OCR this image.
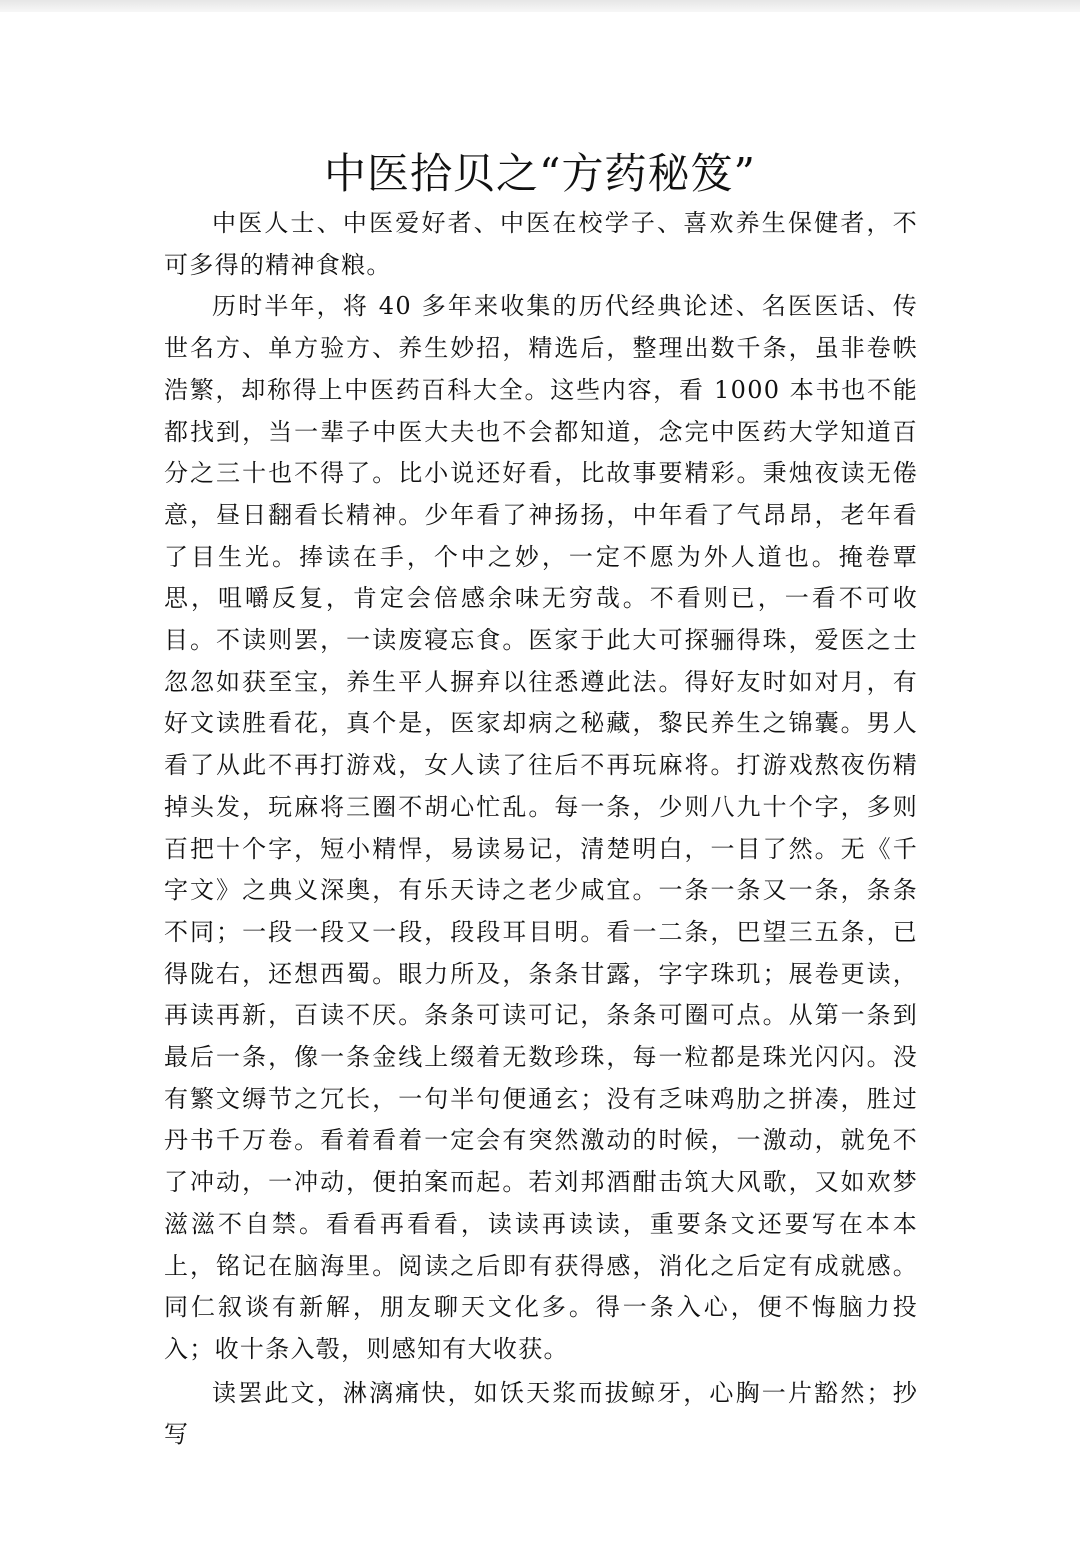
中医拾贝之“方药秘笈”

中医人士、中医爱好者、中医在校学子、喜欢养生保健者，不可多得的精神食粮。

历时半年，将 40 多年来收集的历代经典论述、名医医话、传世名方、单方验方、养生妙招，精选后，整理出数千条，虽非卷帙浩繁，却称得上中医药百科大全。这些内容，看 1000 本书也不能都找到，当一辈子中医大夫也不会都知道，念完中医药大学知道百分之三十也不得了。比小说还好看，比故事要精彩。秉烛夜读无倦意，昼日翻看长精神。少年看了神扬扬，中年看了气昂昂，老年看了目生光。捧读在手，个中之妙，一定不愿为外人道也。掩卷覃思，咀嚼反复，肯定会倍感余味无穷哉。不看则已，一看不可收目。不读则罢，一读废寝忘食。医家于此大可探骊得珠，爱医之士忽忽如获至宝，养生平人摒弃以往悉遵此法。得好友时如对月，有好文读胜看花，真个是，医家却病之秘藏，黎民养生之锦囊。男人看了从此不再打游戏，女人读了往后不再玩麻将。打游戏熬夜伤精掉头发，玩麻将三圈不胡心忙乱。每一条，少则八九十个字，多则百把十个字，短小精悍，易读易记，清楚明白，一目了然。无《千字文》之典义深奥，有乐天诗之老少咸宜。一条一条又一条，条条不同；一段一段又一段，段段耳目明。看一二条，巴望三五条，已得陇右，还想西蜀。眼力所及，条条甘露，字字珠玑；展卷更读，再读再新，百读不厌。条条可读可记，条条可圈可点。从第一条到最后一条，像一条金线上缀着无数珍珠，每一粒都是珠光闪闪。没有繁文缛节之冗长，一句半句便通玄；没有乏味鸡肋之拼凑，胜过丹书千万卷。看着看着一定会有突然激动的时候，一激动，就免不了冲动，一冲动，便拍案而起。若刘邦酒酣击筑大风歌，又如欢梦滋滋不自禁。看看再看看，读读再读读，重要条文还要写在本本上，铭记在脑海里。阅读之后即有获得感，消化之后定有成就感。同仁叙谈有新解，朋友聊天文化多。得一条入心，便不悔脑力投入；收十条入彀，则感知有大收获。

读罢此文，淋漓痛快，如饫天浆而拔鲸牙，心胸一片豁然；抄写
